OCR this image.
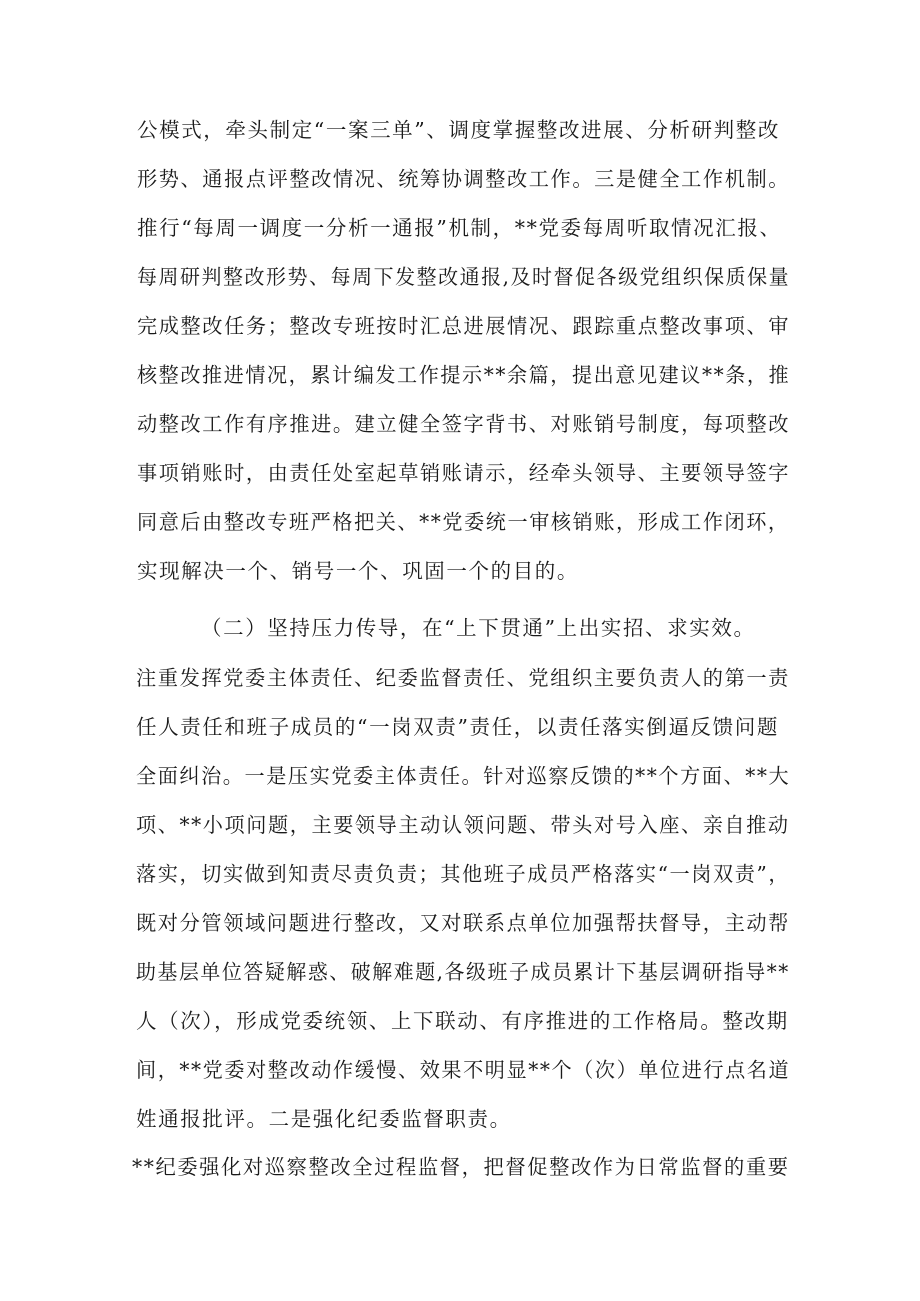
公模式，牵头制定“一案三单”、调度掌握整改进展、分析研判整改
形势、通报点评整改情况、统筹协调整改工作。三是健全工作机制。
推行“每周一调度一分析一通报”机制，**党委每周听取情况汇报、
每周研判整改形势、每周下发整改通报,及时督促各级党组织保质保量
完成整改任务；整改专班按时汇总进展情况、跟踪重点整改事项、审
核整改推进情况，累计编发工作提示**余篇，提出意见建议**条，推
动整改工作有序推进。建立健全签字背书、对账销号制度，每项整改
事项销账时，由责任处室起草销账请示，经牵头领导、主要领导签字
同意后由整改专班严格把关、**党委统一审核销账，形成工作闭环，
实现解决一个、销号一个、巩固一个的目的。
（二）坚持压力传导，在“上下贯通”上出实招、求实效。
注重发挥党委主体责任、纪委监督责任、党组织主要负责人的第一责
任人责任和班子成员的“一岗双责”责任，以责任落实倒逼反馈问题
全面纠治。一是压实党委主体责任。针对巡察反馈的**个方面、**大
项、**小项问题，主要领导主动认领问题、带头对号入座、亲自推动
落实，切实做到知责尽责负责；其他班子成员严格落实“一岗双责”，
既对分管领域问题进行整改，又对联系点单位加强帮扶督导，主动帮
助基层单位答疑解惑、破解难题,各级班子成员累计下基层调研指导**
人（次），形成党委统领、上下联动、有序推进的工作格局。整改期
间，**党委对整改动作缓慢、效果不明显**个（次）单位进行点名道
姓通报批评。二是强化纪委监督职责。
**纪委强化对巡察整改全过程监督，把督促整改作为日常监督的重要
